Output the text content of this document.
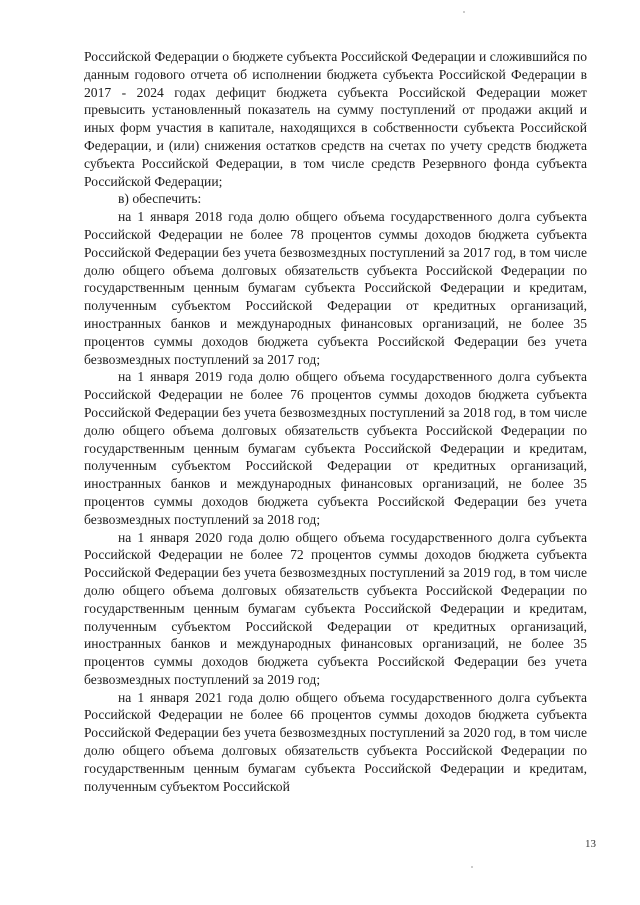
Российской Федерации о бюджете субъекта Российской Федерации и сложившийся по данным годового отчета об исполнении бюджета субъекта Российской Федерации в 2017 - 2024 годах дефицит бюджета субъекта Российской Федерации может превысить установленный показатель на сумму поступлений от продажи акций и иных форм участия в капитале, находящихся в собственности субъекта Российской Федерации, и (или) снижения остатков средств на счетах по учету средств бюджета субъекта Российской Федерации, в том числе средств Резервного фонда субъекта Российской Федерации;

в) обеспечить:

на 1 января 2018 года долю общего объема государственного долга субъекта Российской Федерации не более 78 процентов суммы доходов бюджета субъекта Российской Федерации без учета безвозмездных поступлений за 2017 год, в том числе долю общего объема долговых обязательств субъекта Российской Федерации по государственным ценным бумагам субъекта Российской Федерации и кредитам, полученным субъектом Российской Федерации от кредитных организаций, иностранных банков и международных финансовых организаций, не более 35 процентов суммы доходов бюджета субъекта Российской Федерации без учета безвозмездных поступлений за 2017 год;

на 1 января 2019 года долю общего объема государственного долга субъекта Российской Федерации не более 76 процентов суммы доходов бюджета субъекта Российской Федерации без учета безвозмездных поступлений за 2018 год, в том числе долю общего объема долговых обязательств субъекта Российской Федерации по государственным ценным бумагам субъекта Российской Федерации и кредитам, полученным субъектом Российской Федерации от кредитных организаций, иностранных банков и международных финансовых организаций, не более 35 процентов суммы доходов бюджета субъекта Российской Федерации без учета безвозмездных поступлений за 2018 год;

на 1 января 2020 года долю общего объема государственного долга субъекта Российской Федерации не более 72 процентов суммы доходов бюджета субъекта Российской Федерации без учета безвозмездных поступлений за 2019 год, в том числе долю общего объема долговых обязательств субъекта Российской Федерации по государственным ценным бумагам субъекта Российской Федерации и кредитам, полученным субъектом Российской Федерации от кредитных организаций, иностранных банков и международных финансовых организаций, не более 35 процентов суммы доходов бюджета субъекта Российской Федерации без учета безвозмездных поступлений за 2019 год;

на 1 января 2021 года долю общего объема государственного долга субъекта Российской Федерации не более 66 процентов суммы доходов бюджета субъекта Российской Федерации без учета безвозмездных поступлений за 2020 год, в том числе долю общего объема долговых обязательств субъекта Российской Федерации по государственным ценным бумагам субъекта Российской Федерации и кредитам, полученным субъектом Российской

13
